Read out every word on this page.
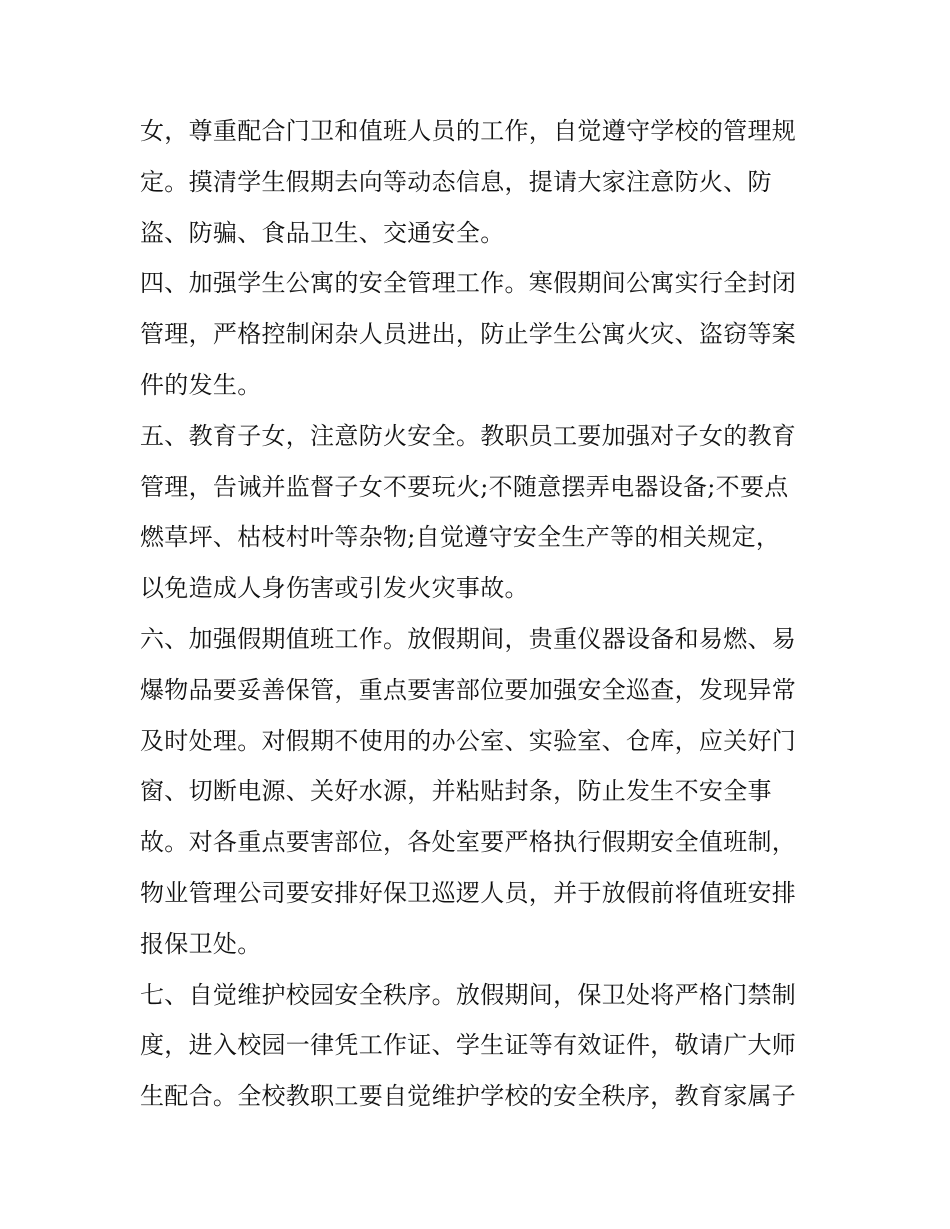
女，尊重配合门卫和值班人员的工作，自觉遵守学校的管理规
定。摸清学生假期去向等动态信息，提请大家注意防火、防
盗、防骗、食品卫生、交通安全。
四、加强学生公寓的安全管理工作。寒假期间公寓实行全封闭
管理，严格控制闲杂人员进出，防止学生公寓火灾、盗窃等案
件的发生。
五、教育子女，注意防火安全。教职员工要加强对子女的教育
管理，告诫并监督子女不要玩火;不随意摆弄电器设备;不要点
燃草坪、枯枝村叶等杂物;自觉遵守安全生产等的相关规定，
以免造成人身伤害或引发火灾事故。
六、加强假期值班工作。放假期间，贵重仪器设备和易燃、易
爆物品要妥善保管，重点要害部位要加强安全巡查，发现异常
及时处理。对假期不使用的办公室、实验室、仓库，应关好门
窗、切断电源、关好水源，并粘贴封条，防止发生不安全事
故。对各重点要害部位，各处室要严格执行假期安全值班制，
物业管理公司要安排好保卫巡逻人员，并于放假前将值班安排
报保卫处。
七、自觉维护校园安全秩序。放假期间，保卫处将严格门禁制
度，进入校园一律凭工作证、学生证等有效证件，敬请广大师
生配合。全校教职工要自觉维护学校的安全秩序，教育家属子
